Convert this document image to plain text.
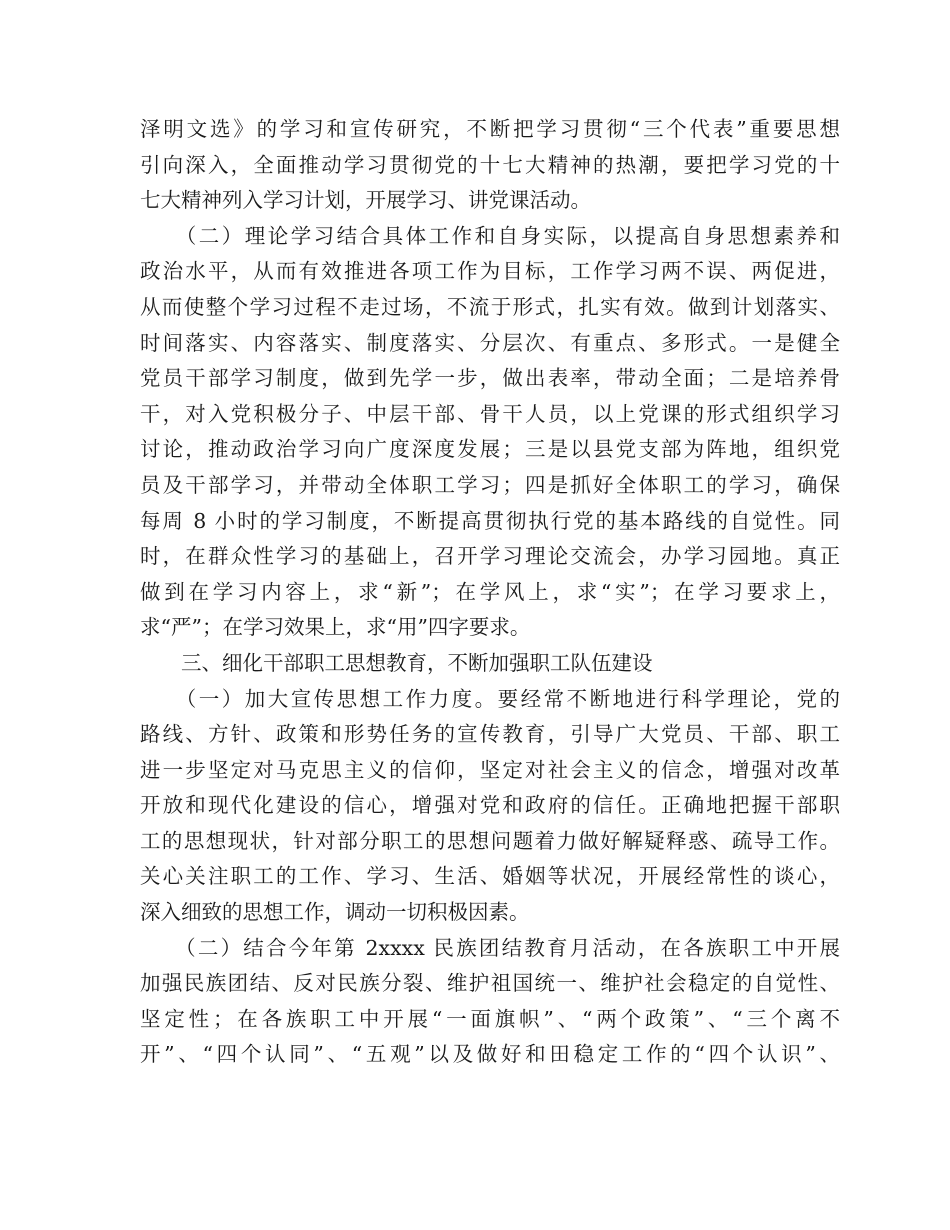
泽明文选》的学习和宣传研究，不断把学习贯彻“三个代表”重要思想
引向深入，全面推动学习贯彻党的十七大精神的热潮，要把学习党的十
七大精神列入学习计划，开展学习、讲党课活动。
　　（二）理论学习结合具体工作和自身实际，以提高自身思想素养和
政治水平，从而有效推进各项工作为目标，工作学习两不误、两促进，
从而使整个学习过程不走过场，不流于形式，扎实有效。做到计划落实、
时间落实、内容落实、制度落实、分层次、有重点、多形式。一是健全
党员干部学习制度，做到先学一步，做出表率，带动全面；二是培养骨
干，对入党积极分子、中层干部、骨干人员，以上党课的形式组织学习
讨论，推动政治学习向广度深度发展；三是以县党支部为阵地，组织党
员及干部学习，并带动全体职工学习；四是抓好全体职工的学习，确保
每周 8 小时的学习制度，不断提高贯彻执行党的基本路线的自觉性。同
时，在群众性学习的基础上，召开学习理论交流会，办学习园地。真正
做到在学习内容上，求“新”；在学风上，求“实”；在学习要求上，
求“严”；在学习效果上，求“用”四字要求。
　　三、细化干部职工思想教育，不断加强职工队伍建设
　　（一）加大宣传思想工作力度。要经常不断地进行科学理论，党的
路线、方针、政策和形势任务的宣传教育，引导广大党员、干部、职工
进一步坚定对马克思主义的信仰，坚定对社会主义的信念，增强对改革
开放和现代化建设的信心，增强对党和政府的信任。正确地把握干部职
工的思想现状，针对部分职工的思想问题着力做好解疑释惑、疏导工作。
关心关注职工的工作、学习、生活、婚姻等状况，开展经常性的谈心，
深入细致的思想工作，调动一切积极因素。
　　（二）结合今年第 2xxxx 民族团结教育月活动，在各族职工中开展
加强民族团结、反对民族分裂、维护祖国统一、维护社会稳定的自觉性、
坚定性；在各族职工中开展“一面旗帜”、“两个政策”、“三个离不
开”、“四个认同”、“五观”以及做好和田稳定工作的“四个认识”、
